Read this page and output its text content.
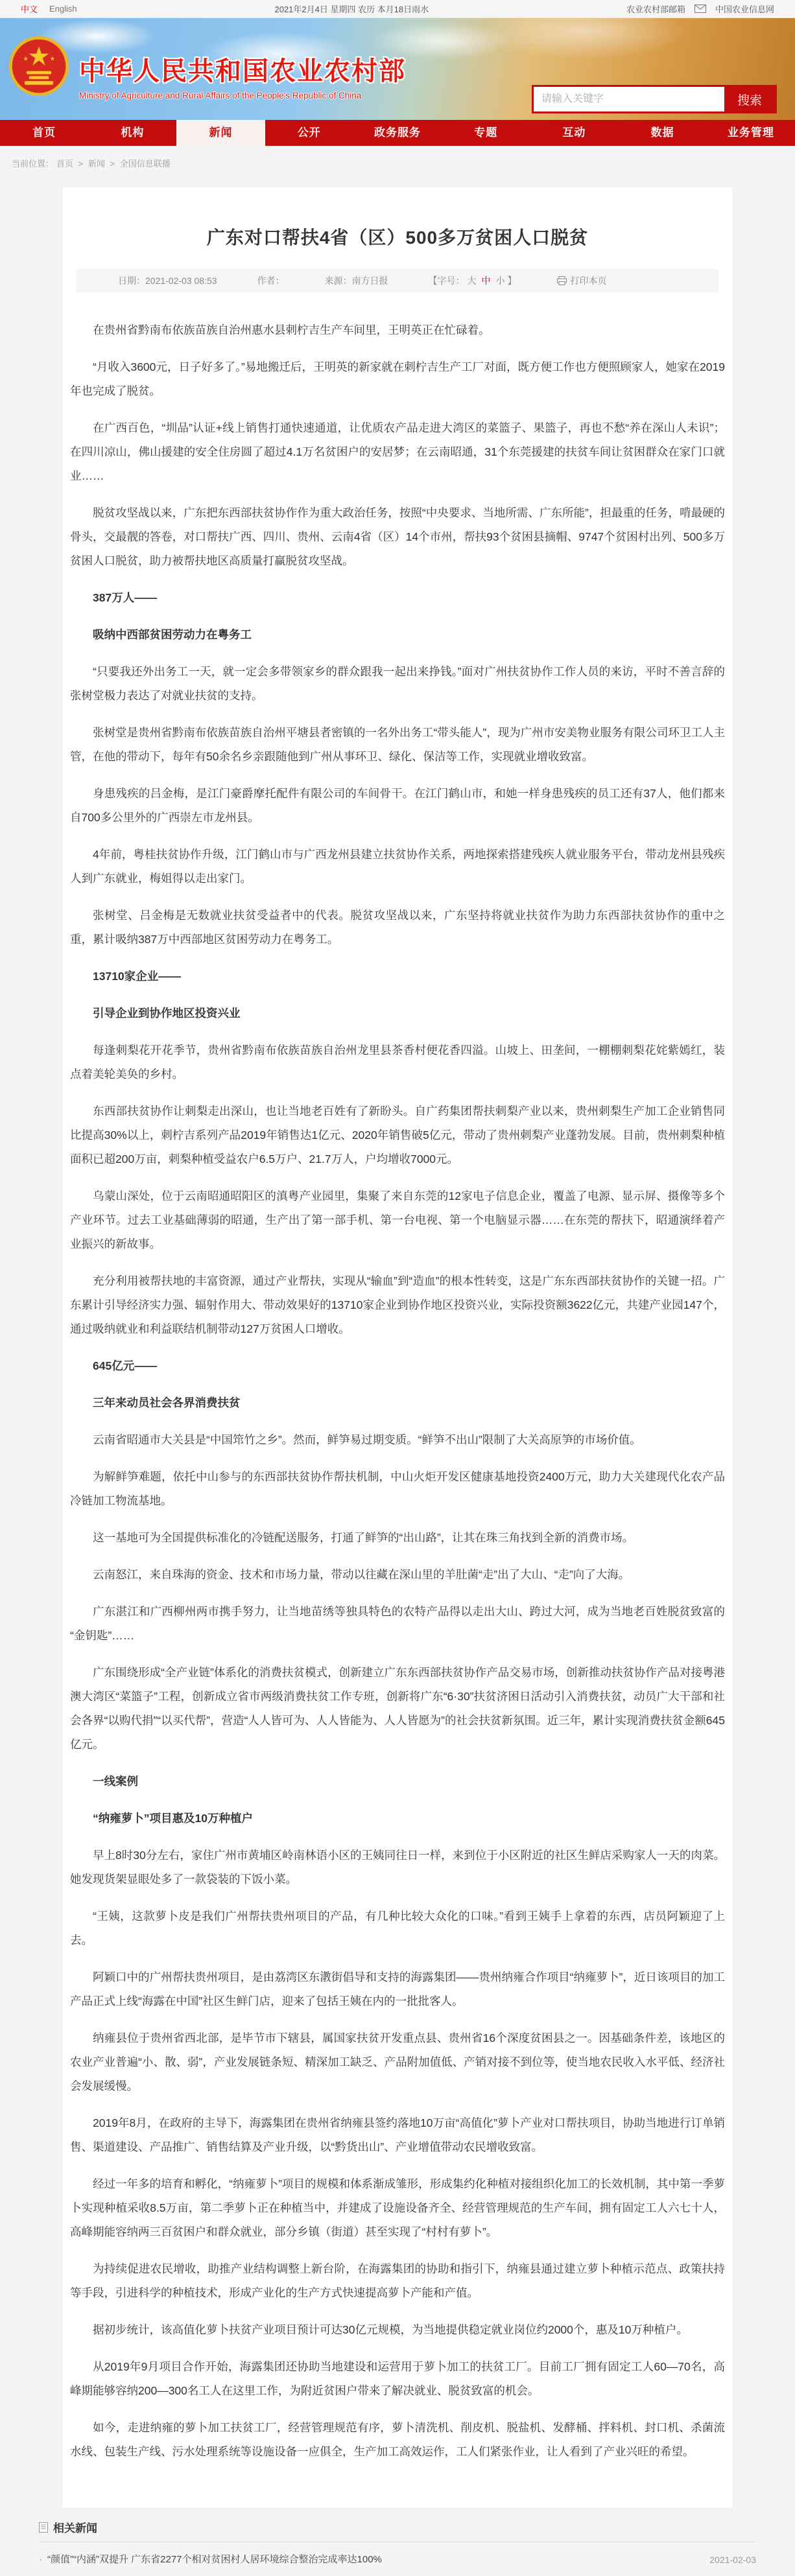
中文 English	2021年2月4日 星期四 农历 本月18日雨水	农业农村部邮箱	中国农业信息网
中华人民共和国农业农村部
Ministry of Agriculture and Rural Affairs of the People's Republic of China
请输入关键字	搜索
首页	机构	新闻	公开	政务服务	专题	互动	数据	业务管理
当前位置： 首页 > 新闻 > 全国信息联播
广东对口帮扶4省（区）500多万贫困人口脱贫
日期：2021-02-03 08:53	作者：	来源：南方日报	【字号： 大 中 小 】	打印本页

在贵州省黔南布依族苗族自治州惠水县刺柠吉生产车间里，王明英正在忙碌着。

“月收入3600元，日子好多了。”易地搬迁后，王明英的新家就在刺柠吉生产工厂对面，既方便工作也方便照顾家人，她家在2019年也完成了脱贫。

在广西百色，“圳品”认证+线上销售打通快速通道，让优质农产品走进大湾区的菜篮子、果篮子，再也不愁“养在深山人未识”；在四川凉山，佛山援建的安全住房圆了超过4.1万名贫困户的安居梦；在云南昭通，31个东莞援建的扶贫车间让贫困群众在家门口就业……

脱贫攻坚战以来，广东把东西部扶贫协作作为重大政治任务，按照“中央要求、当地所需、广东所能”，担最重的任务，啃最硬的骨头，交最靓的答卷，对口帮扶广西、四川、贵州、云南4省（区）14个市州，帮扶93个贫困县摘帽、9747个贫困村出列、500多万贫困人口脱贫，助力被帮扶地区高质量打赢脱贫攻坚战。

387万人——

吸纳中西部贫困劳动力在粤务工

“只要我还外出务工一天，就一定会多带领家乡的群众跟我一起出来挣钱。”面对广州扶贫协作工作人员的来访，平时不善言辞的张树堂极力表达了对就业扶贫的支持。

张树堂是贵州省黔南布依族苗族自治州平塘县者密镇的一名外出务工“带头能人”，现为广州市安美物业服务有限公司环卫工人主管，在他的带动下，每年有50余名乡亲跟随他到广州从事环卫、绿化、保洁等工作，实现就业增收致富。

身患残疾的吕金梅，是江门豪爵摩托配件有限公司的车间骨干。在江门鹤山市，和她一样身患残疾的员工还有37人，他们都来自700多公里外的广西崇左市龙州县。

4年前，粤桂扶贫协作升级，江门鹤山市与广西龙州县建立扶贫协作关系，两地探索搭建残疾人就业服务平台，带动龙州县残疾人到广东就业，梅姐得以走出家门。

张树堂、吕金梅是无数就业扶贫受益者中的代表。脱贫攻坚战以来，广东坚持将就业扶贫作为助力东西部扶贫协作的重中之重，累计吸纳387万中西部地区贫困劳动力在粤务工。

13710家企业——

引导企业到协作地区投资兴业

每逢刺梨花开花季节，贵州省黔南布依族苗族自治州龙里县茶香村便花香四溢。山坡上、田垄间，一棚棚刺梨花姹紫嫣红，装点着美轮美奂的乡村。

东西部扶贫协作让刺梨走出深山，也让当地老百姓有了新盼头。自广药集团帮扶刺梨产业以来，贵州刺梨生产加工企业销售同比提高30%以上，刺柠吉系列产品2019年销售达1亿元、2020年销售破5亿元，带动了贵州刺梨产业蓬勃发展。目前，贵州刺梨种植面积已超200万亩，刺梨种植受益农户6.5万户、21.7万人，户均增收7000元。

乌蒙山深处，位于云南昭通昭阳区的滇粤产业园里，集聚了来自东莞的12家电子信息企业，覆盖了电源、显示屏、摄像等多个产业环节。过去工业基础薄弱的昭通，生产出了第一部手机、第一台电视、第一个电脑显示器……在东莞的帮扶下，昭通演绎着产业振兴的新故事。

充分利用被帮扶地的丰富资源，通过产业帮扶，实现从“输血”到“造血”的根本性转变，这是广东东西部扶贫协作的关键一招。广东累计引导经济实力强、辐射作用大、带动效果好的13710家企业到协作地区投资兴业，实际投资额3622亿元，共建产业园147个，通过吸纳就业和利益联结机制带动127万贫困人口增收。

645亿元——

三年来动员社会各界消费扶贫

云南省昭通市大关县是“中国筇竹之乡”。然而，鲜笋易过期变质。“鲜笋不出山”限制了大关高原笋的市场价值。

为解鲜笋难题，依托中山参与的东西部扶贫协作帮扶机制，中山火炬开发区健康基地投资2400万元，助力大关建现代化农产品冷链加工物流基地。

这一基地可为全国提供标准化的冷链配送服务，打通了鲜笋的“出山路”，让其在珠三角找到全新的消费市场。

云南怒江，来自珠海的资金、技术和市场力量，带动以往藏在深山里的羊肚菌“走”出了大山、“走”向了大海。

广东湛江和广西柳州两市携手努力，让当地苗绣等独具特色的农特产品得以走出大山、跨过大河，成为当地老百姓脱贫致富的“金钥匙”……

广东围绕形成“全产业链”体系化的消费扶贫模式，创新建立广东东西部扶贫协作产品交易市场，创新推动扶贫协作产品对接粤港澳大湾区“菜篮子”工程，创新成立省市两级消费扶贫工作专班，创新将广东“6·30”扶贫济困日活动引入消费扶贫，动员广大干部和社会各界“以购代捐”“以买代帮”，营造“人人皆可为、人人皆能为、人人皆愿为”的社会扶贫新氛围。近三年，累计实现消费扶贫金额645亿元。

一线案例

“纳雍萝卜”项目惠及10万种植户

早上8时30分左右，家住广州市黄埔区岭南林语小区的王姨同往日一样，来到位于小区附近的社区生鲜店采购家人一天的肉菜。她发现货架显眼处多了一款袋装的下饭小菜。

“王姨，这款萝卜皮是我们广州帮扶贵州项目的产品，有几种比较大众化的口味。”看到王姨手上拿着的东西，店员阿颖迎了上去。

阿颖口中的广州帮扶贵州项目，是由荔湾区东漖街倡导和支持的海露集团——贵州纳雍合作项目“纳雍萝卜”，近日该项目的加工产品正式上线“海露在中国”社区生鲜门店，迎来了包括王姨在内的一批批客人。

纳雍县位于贵州省西北部，是毕节市下辖县，属国家扶贫开发重点县、贵州省16个深度贫困县之一。因基础条件差，该地区的农业产业普遍“小、散、弱”，产业发展链条短、精深加工缺乏、产品附加值低、产销对接不到位等，使当地农民收入水平低、经济社会发展缓慢。

2019年8月，在政府的主导下，海露集团在贵州省纳雍县签约落地10万亩“高值化”萝卜产业对口帮扶项目，协助当地进行订单销售、渠道建设、产品推广、销售结算及产业升级，以“黔货出山”、产业增值带动农民增收致富。

经过一年多的培育和孵化，“纳雍萝卜”项目的规模和体系渐成雏形，形成集约化种植对接组织化加工的长效机制，其中第一季萝卜实现种植采收8.5万亩，第二季萝卜正在种植当中，并建成了设施设备齐全、经营管理规范的生产车间，拥有固定工人六七十人，高峰期能容纳两三百贫困户和群众就业，部分乡镇（街道）甚至实现了“村村有萝卜”。

为持续促进农民增收，助推产业结构调整上新台阶，在海露集团的协助和指引下，纳雍县通过建立萝卜种植示范点、政策扶持等手段，引进科学的种植技术，形成产业化的生产方式快速提高萝卜产能和产值。

据初步统计，该高值化萝卜扶贫产业项目预计可达30亿元规模，为当地提供稳定就业岗位约2000个，惠及10万种植户。

从2019年9月项目合作开始，海露集团还协助当地建设和运营用于萝卜加工的扶贫工厂。目前工厂拥有固定工人60—70名，高峰期能够容纳200—300名工人在这里工作，为附近贫困户带来了解决就业、脱贫致富的机会。

如今，走进纳雍的萝卜加工扶贫工厂，经营管理规范有序，萝卜清洗机、削皮机、脱盐机、发酵桶、拌料机、封口机、杀菌流水线、包装生产线、污水处理系统等设施设备一应俱全，生产加工高效运作，工人们紧张作业，让人看到了产业兴旺的希望。

相关新闻
· “颜值”“内涵”双提升 广东省2277个相对贫困村人居环境综合整治完成率达100%	2021-02-03
